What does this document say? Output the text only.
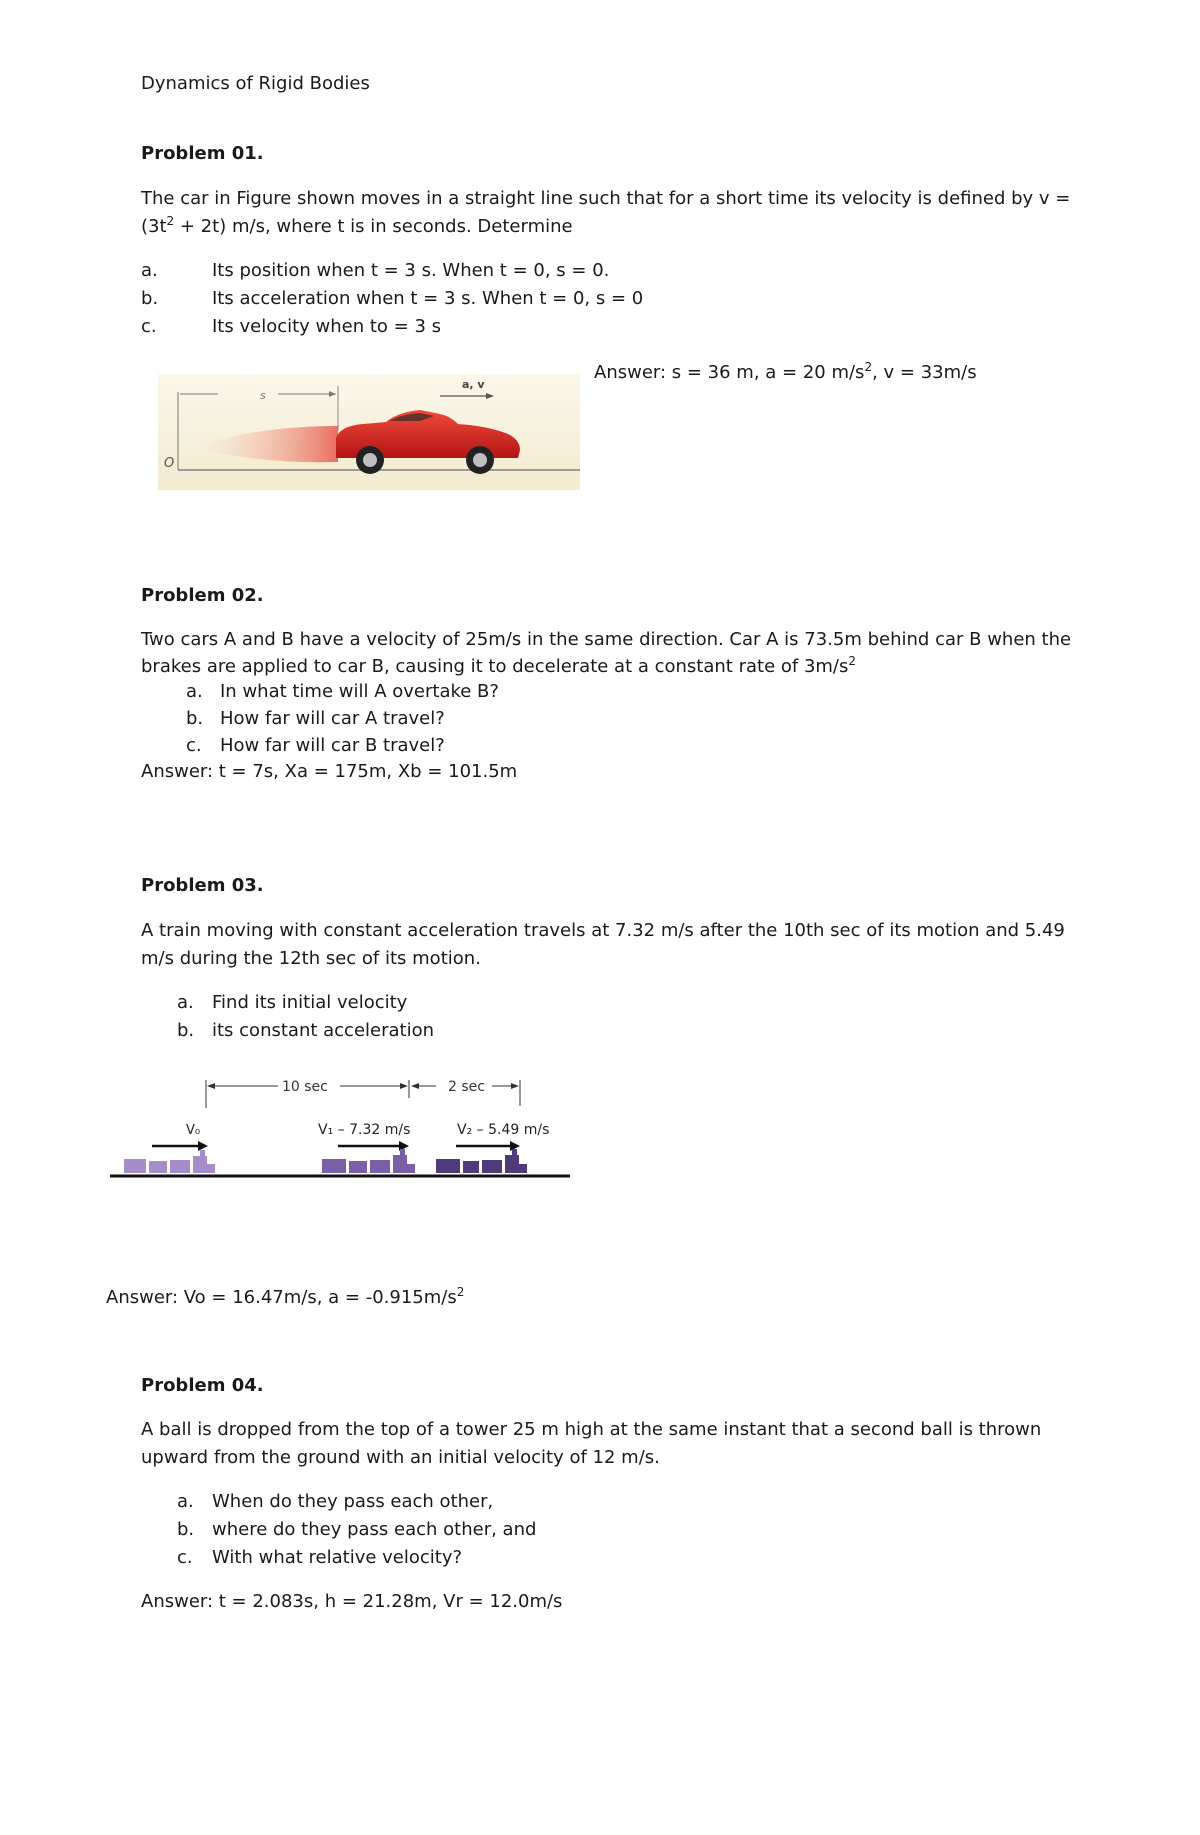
Dynamics of Rigid Bodies
Problem 01.
The car in Figure shown moves in a straight line such that for a short time its velocity is defined by $v = (3t^2 + 2t)$ m/s, where t is in seconds. Determine
a.	Its position when t = 3 s. When t = 0, s = 0.
b.	Its acceleration when t = 3 s. When t = 0, s = 0
c.	Its velocity when to = 3 s
Answer: s = 36 m, a = 20 $m/s^2$, v = 33m/s
s
a, v
O
Problem 02.
Two cars A and B have a velocity of 25m/s in the same direction. Car A is 73.5m behind car B when the brakes are applied to car B, causing it to decelerate at a constant rate of $3m/s^2$
a. In what time will A overtake B?
b. How far will car A travel?
c. How far will car B travel?
Answer: t = 7s, Xa = 175m, Xb = 101.5m
Problem 03.
A train moving with constant acceleration travels at 7.32 m/s after the 10th sec of its motion and 5.49 m/s during the 12th sec of its motion.
a. Find its initial velocity
b. its constant acceleration
10 sec	2 sec
V₀	V₁ – 7.32 m/s	V₂ – 5.49 m/s
Answer: Vo = 16.47m/s, $a = -0.915m/s^2$
Problem 04.
A ball is dropped from the top of a tower 25 m high at the same instant that a second ball is thrown upward from the ground with an initial velocity of 12 m/s.
a. When do they pass each other,
b. where do they pass each other, and
c. With what relative velocity?
Answer: t = 2.083s, h = 21.28m, Vr = 12.0m/s
